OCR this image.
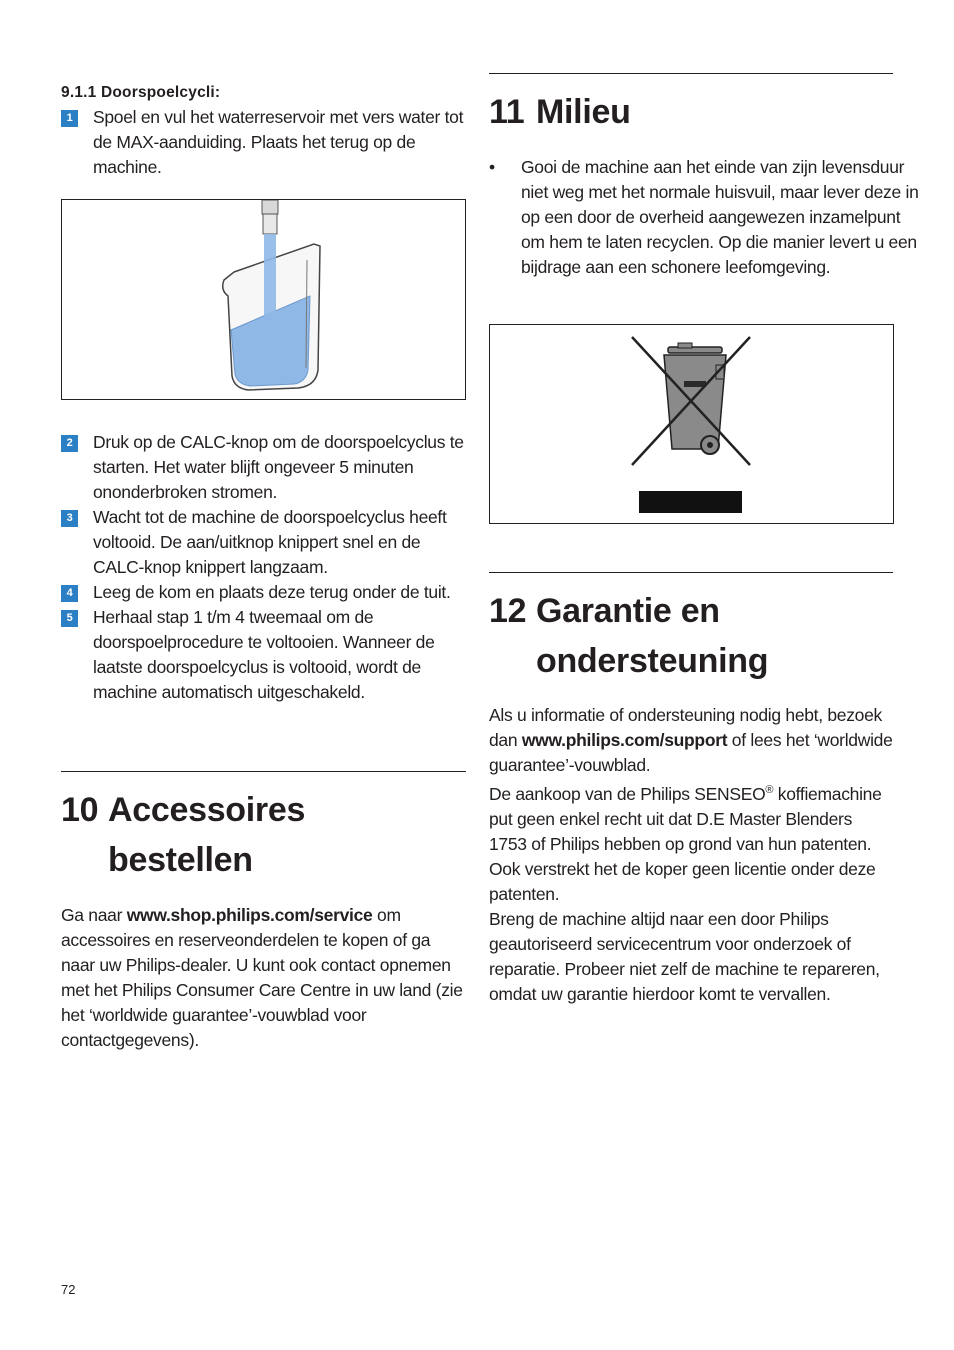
9.1.1 Doorspoelcycli:
1	Spoel en vul het waterreservoir met vers water tot de MAX-aanduiding. Plaats het terug op de machine.
2	Druk op de CALC-knop om de doorspoelcyclus te starten. Het water blijft ongeveer 5 minuten ononderbroken stromen.
3	Wacht tot de machine de doorspoelcyclus heeft voltooid. De aan/uitknop knippert snel en de CALC-knop knippert langzaam.
4	Leeg de kom en plaats deze terug onder de tuit.
5	Herhaal stap 1 t/m 4 tweemaal om de doorspoelprocedure te voltooien. Wanneer de laatste doorspoelcyclus is voltooid, wordt de machine automatisch uitgeschakeld.
10 Accessoires
bestellen

Ga naar www.shop.philips.com/service om accessoires en reserveonderdelen te kopen of ga naar uw Philips-dealer. U kunt ook contact opnemen met het Philips Consumer Care Centre in uw land (zie het ‘worldwide guarantee’-vouwblad voor contactgegevens).

11 Milieu
• Gooi de machine aan het einde van zijn levensduur niet weg met het normale huisvuil, maar lever deze in op een door de overheid aangewezen inzamelpunt om hem te laten recyclen. Op die manier levert u een bijdrage aan een schonere leefomgeving.
12 Garantie en
ondersteuning

Als u informatie of ondersteuning nodig hebt, bezoek dan www.philips.com/support of lees het ‘worldwide guarantee’-vouwblad.

De aankoop van de Philips SENSEO® koffiemachine put geen enkel recht uit dat D.E Master Blenders 1753 of Philips hebben op grond van hun patenten. Ook verstrekt het de koper geen licentie onder deze patenten.

Breng de machine altijd naar een door Philips geautoriseerd servicecentrum voor onderzoek of reparatie. Probeer niet zelf de machine te repareren, omdat uw garantie hierdoor komt te vervallen.

72
